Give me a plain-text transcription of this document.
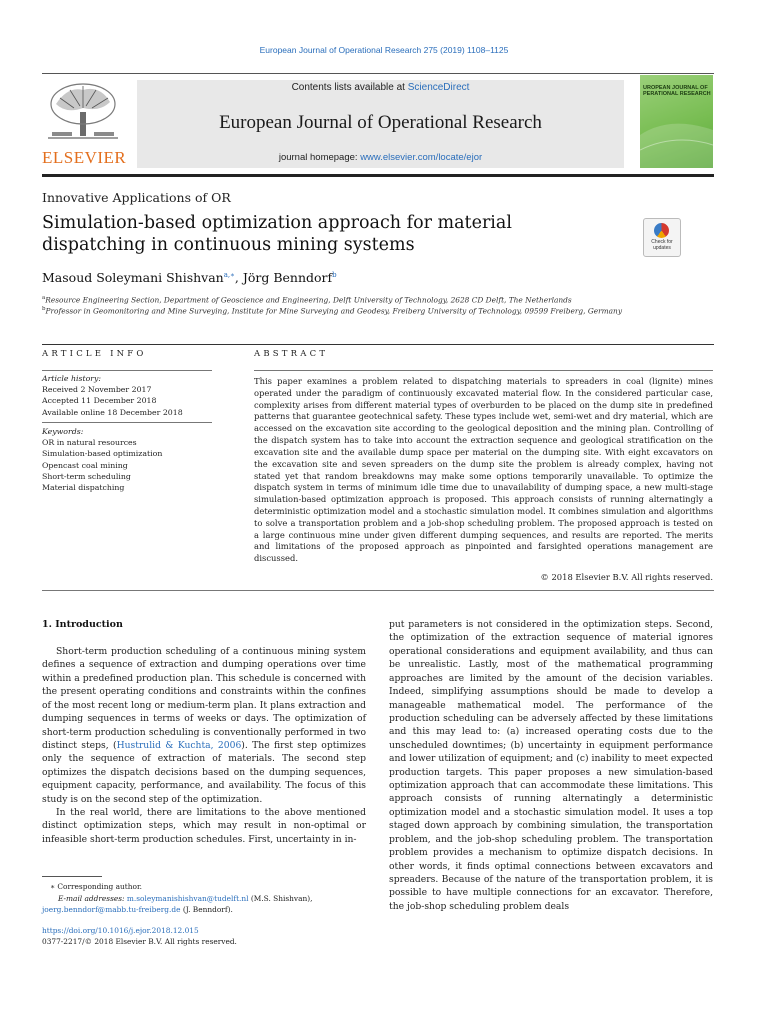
European Journal of Operational Research 275 (2019) 1108–1125
ELSEVIER
Contents lists available at ScienceDirect
European Journal of Operational Research
journal homepage: www.elsevier.com/locate/ejor
UROPEAN JOURNAL OF PERATIONAL RESEARCH
Innovative Applications of OR
Simulation-based optimization approach for material dispatching in continuous mining systems	Check for updates
Masoud Soleymani Shishvan$^{a,∗}$, Jörg Benndorf$^b$
$^a$Resource Engineering Section, Department of Geoscience and Engineering, Delft University of Technology, 2628 CD Delft, The Netherlands
$^b$Professor in Geomonitoring and Mine Surveying, Institute for Mine Surveying and Geodesy, Freiberg University of Technology, 09599 Freiberg, Germany
ARTICLE INFO	ABSTRACT
Article history:
Received 2 November 2017
Accepted 11 December 2018
Available online 18 December 2018
Keywords:
OR in natural resources
Simulation-based optimization
Opencast coal mining
Short-term scheduling
Material dispatching
This paper examines a problem related to dispatching materials to spreaders in coal (lignite) mines operated under the paradigm of continuously excavated material flow. In the considered particular case, complexity arises from different material types of overburden to be placed on the dump site in predefined patterns that guarantee geotechnical safety. These types include wet, semi-wet and dry material, which are accessed on the excavation site according to the geological deposition and the mining plan. Controlling of the dispatch system has to take into account the extraction sequence and geological stratification on the excavation site and the available dump space per material on the dumping site. With eight excavators on the excavation site and seven spreaders on the dump site the problem is already complex, having not stated yet that random breakdowns may make some options temporarily unavailable. To optimize the dispatch system in terms of minimum idle time due to unavailability of dumping space, a new multi-stage simulation-based optimization approach is proposed. This approach consists of running alternatingly a deterministic optimization model and a stochastic simulation model. It combines simulation and algorithms to solve a transportation problem and a job-shop scheduling problem. The proposed approach is tested on a large continuous mine under given different dumping sequences, and results are reported. The merits and limitations of the proposed approach as pinpointed and farsighted operations management are discussed.
© 2018 Elsevier B.V. All rights reserved.
1. Introduction

Short-term production scheduling of a continuous mining system defines a sequence of extraction and dumping operations over time within a predefined production plan. This schedule is concerned with the present operating conditions and constraints within the confines of the most recent long or medium-term plan. It plans extraction and dumping sequences in terms of weeks or days. The optimization of short-term production scheduling is conventionally performed in two distinct steps, (Hustrulid & Kuchta, 2006). The first step optimizes only the sequence of extraction of materials. The second step optimizes the dispatch decisions based on the dumping sequences, equipment capacity, performance, and availability. The focus of this study is on the second step of the optimization.

In the real world, there are limitations to the above mentioned distinct optimization steps, which may result in non-optimal or infeasible short-term production schedules. First, uncertainty in in-

put parameters is not considered in the optimization steps. Second, the optimization of the extraction sequence of material ignores operational considerations and equipment availability, and thus can be unrealistic. Lastly, most of the mathematical programming approaches are limited by the amount of the decision variables. Indeed, simplifying assumptions should be made to develop a manageable mathematical model. The performance of the production scheduling can be adversely affected by these limitations and this may lead to: (a) increased operating costs due to the unscheduled downtimes; (b) uncertainty in equipment performance and lower utilization of equipment; and (c) inability to meet expected production targets. This paper proposes a new simulation-based optimization approach that can accommodate these limitations. This approach consists of running alternatingly a deterministic optimization model and a stochastic simulation model. It uses a top staged down approach by combining simulation, the transportation problem, and the job-shop scheduling problem. The transportation problem provides a mechanism to optimize dispatch decisions. In other words, it finds optimal connections between excavators and spreaders. Because of the nature of the transportation problem, it is possible to have multiple connections for an excavator. Therefore, the job-shop scheduling problem deals

∗ Corresponding author.
E-mail addresses: m.soleymanishishvan@tudelft.nl (M.S. Shishvan),
joerg.benndorf@mabb.tu-freiberg.de (J. Benndorf).
https://doi.org/10.1016/j.ejor.2018.12.015
0377-2217/© 2018 Elsevier B.V. All rights reserved.
